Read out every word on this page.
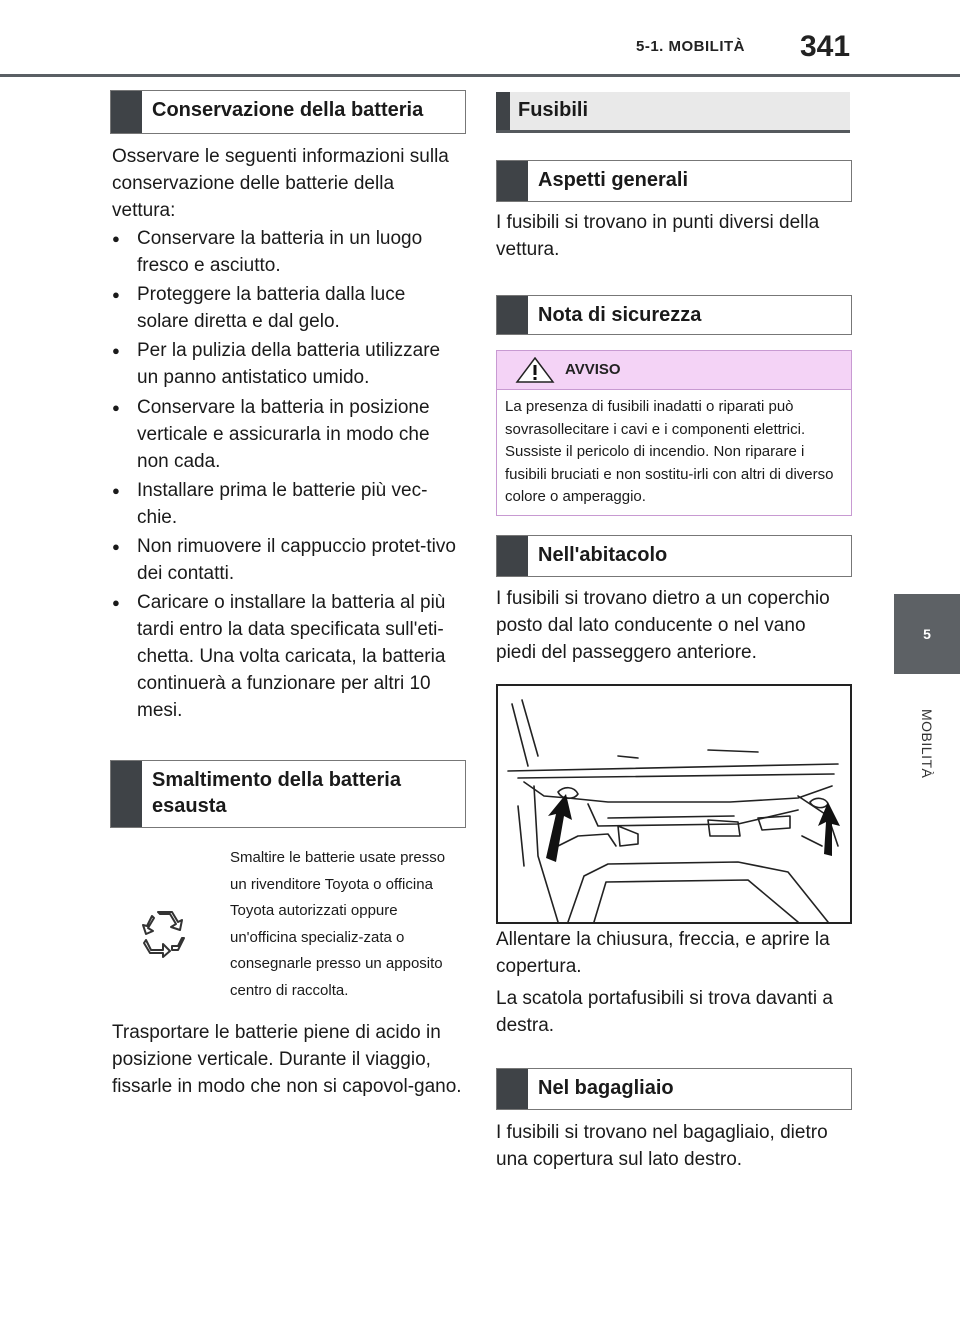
5-1. MOBILITÀ 341
5
MOBILITÀ
Conservazione della batteria

Osservare le seguenti informazioni sulla conservazione delle batterie della vettura:

● Conservare la batteria in un luogo fresco e asciutto.
● Proteggere la batteria dalla luce solare diretta e dal gelo.
● Per la pulizia della batteria utilizzare un panno antistatico umido.
● Conservare la batteria in posizione verticale e assicurarla in modo che non cada.
● Installare prima le batterie più vec-chie.
● Non rimuovere il cappuccio protet-tivo dei contatti.
● Caricare o installare la batteria al più tardi entro la data specificata sull'eti-chetta. Una volta caricata, la batteria continuerà a funzionare per altri 10 mesi.
Smaltimento della batteria esausta

Smaltire le batterie usate presso un rivenditore Toyota o officina Toyota autorizzati oppure un'officina specializ-zata o consegnarle presso un apposito centro di raccolta.

Trasportare le batterie piene di acido in posizione verticale. Durante il viaggio, fissarle in modo che non si capovol-gano.

Fusibili
Aspetti generali

I fusibili si trovano in punti diversi della vettura.

Nota di sicurezza
AVVISO
La presenza di fusibili inadatti o riparati può sovrasollecitare i cavi e i componenti elettrici. Sussiste il pericolo di incendio. Non riparare i fusibili bruciati e non sostitu-irli con altri di diverso colore o amperaggio.
Nell'abitacolo

I fusibili si trovano dietro a un coperchio posto dal lato conducente o nel vano piedi del passeggero anteriore.

Allentare la chiusura, freccia, e aprire la copertura.

La scatola portafusibili si trova davanti a destra.

Nel bagagliaio

I fusibili si trovano nel bagagliaio, dietro una copertura sul lato destro.
